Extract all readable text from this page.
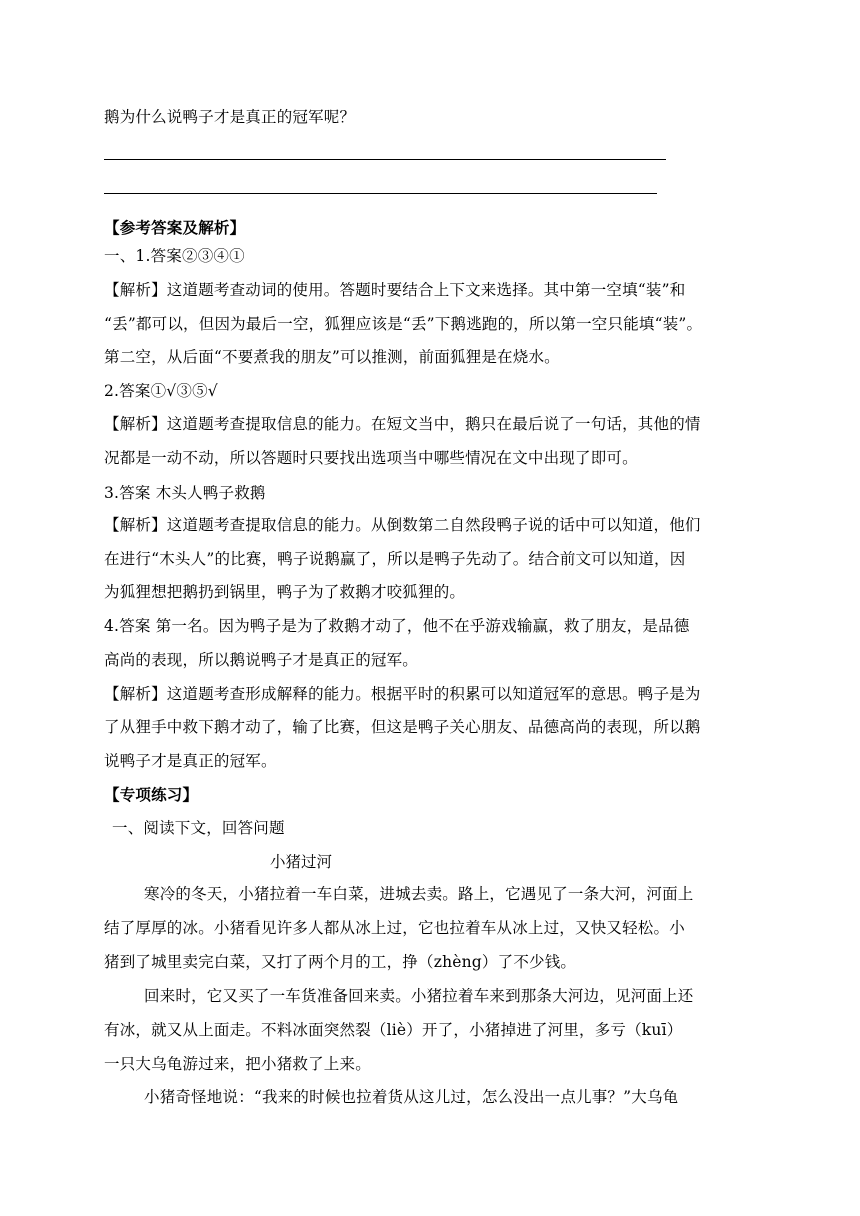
鹅为什么说鸭子才是真正的冠军呢？
【参考答案及解析】
一、1.答案②③④①
【解析】这道题考查动词的使用。答题时要结合上下文来选择。其中第一空填“装”和
“丢”都可以，但因为最后一空，狐狸应该是“丢”下鹅逃跑的，所以第一空只能填“装”。
第二空，从后面“不要煮我的朋友”可以推测，前面狐狸是在烧水。
2.答案①√③⑤√
【解析】这道题考查提取信息的能力。在短文当中，鹅只在最后说了一句话，其他的情
况都是一动不动，所以答题时只要找出选项当中哪些情况在文中出现了即可。
3.答案 木头人鸭子救鹅
【解析】这道题考查提取信息的能力。从倒数第二自然段鸭子说的话中可以知道，他们
在进行“木头人”的比赛，鸭子说鹅赢了，所以是鸭子先动了。结合前文可以知道，因
为狐狸想把鹅扔到锅里，鸭子为了救鹅才咬狐狸的。
4.答案 第一名。因为鸭子是为了救鹅才动了，他不在乎游戏输赢，救了朋友，是品德
高尚的表现，所以鹅说鸭子才是真正的冠军。
【解析】这道题考查形成解释的能力。根据平时的积累可以知道冠军的意思。鸭子是为
了从狸手中救下鹅才动了，输了比赛，但这是鸭子关心朋友、品德高尚的表现，所以鹅
说鸭子才是真正的冠军。
【专项练习】
一、阅读下文，回答问题
小猪过河
寒冷的冬天，小猪拉着一车白菜，进城去卖。路上，它遇见了一条大河，河面上
结了厚厚的冰。小猪看见许多人都从冰上过，它也拉着车从冰上过，又快又轻松。小
猪到了城里卖完白菜，又打了两个月的工，挣（zhèng）了不少钱。
回来时，它又买了一车货准备回来卖。小猪拉着车来到那条大河边，见河面上还
有冰，就又从上面走。不料冰面突然裂（liè）开了，小猪掉进了河里，多亏（kuī）
一只大乌龟游过来，把小猪救了上来。
小猪奇怪地说：“我来的时候也拉着货从这儿过，怎么没出一点儿事？”大乌龟
